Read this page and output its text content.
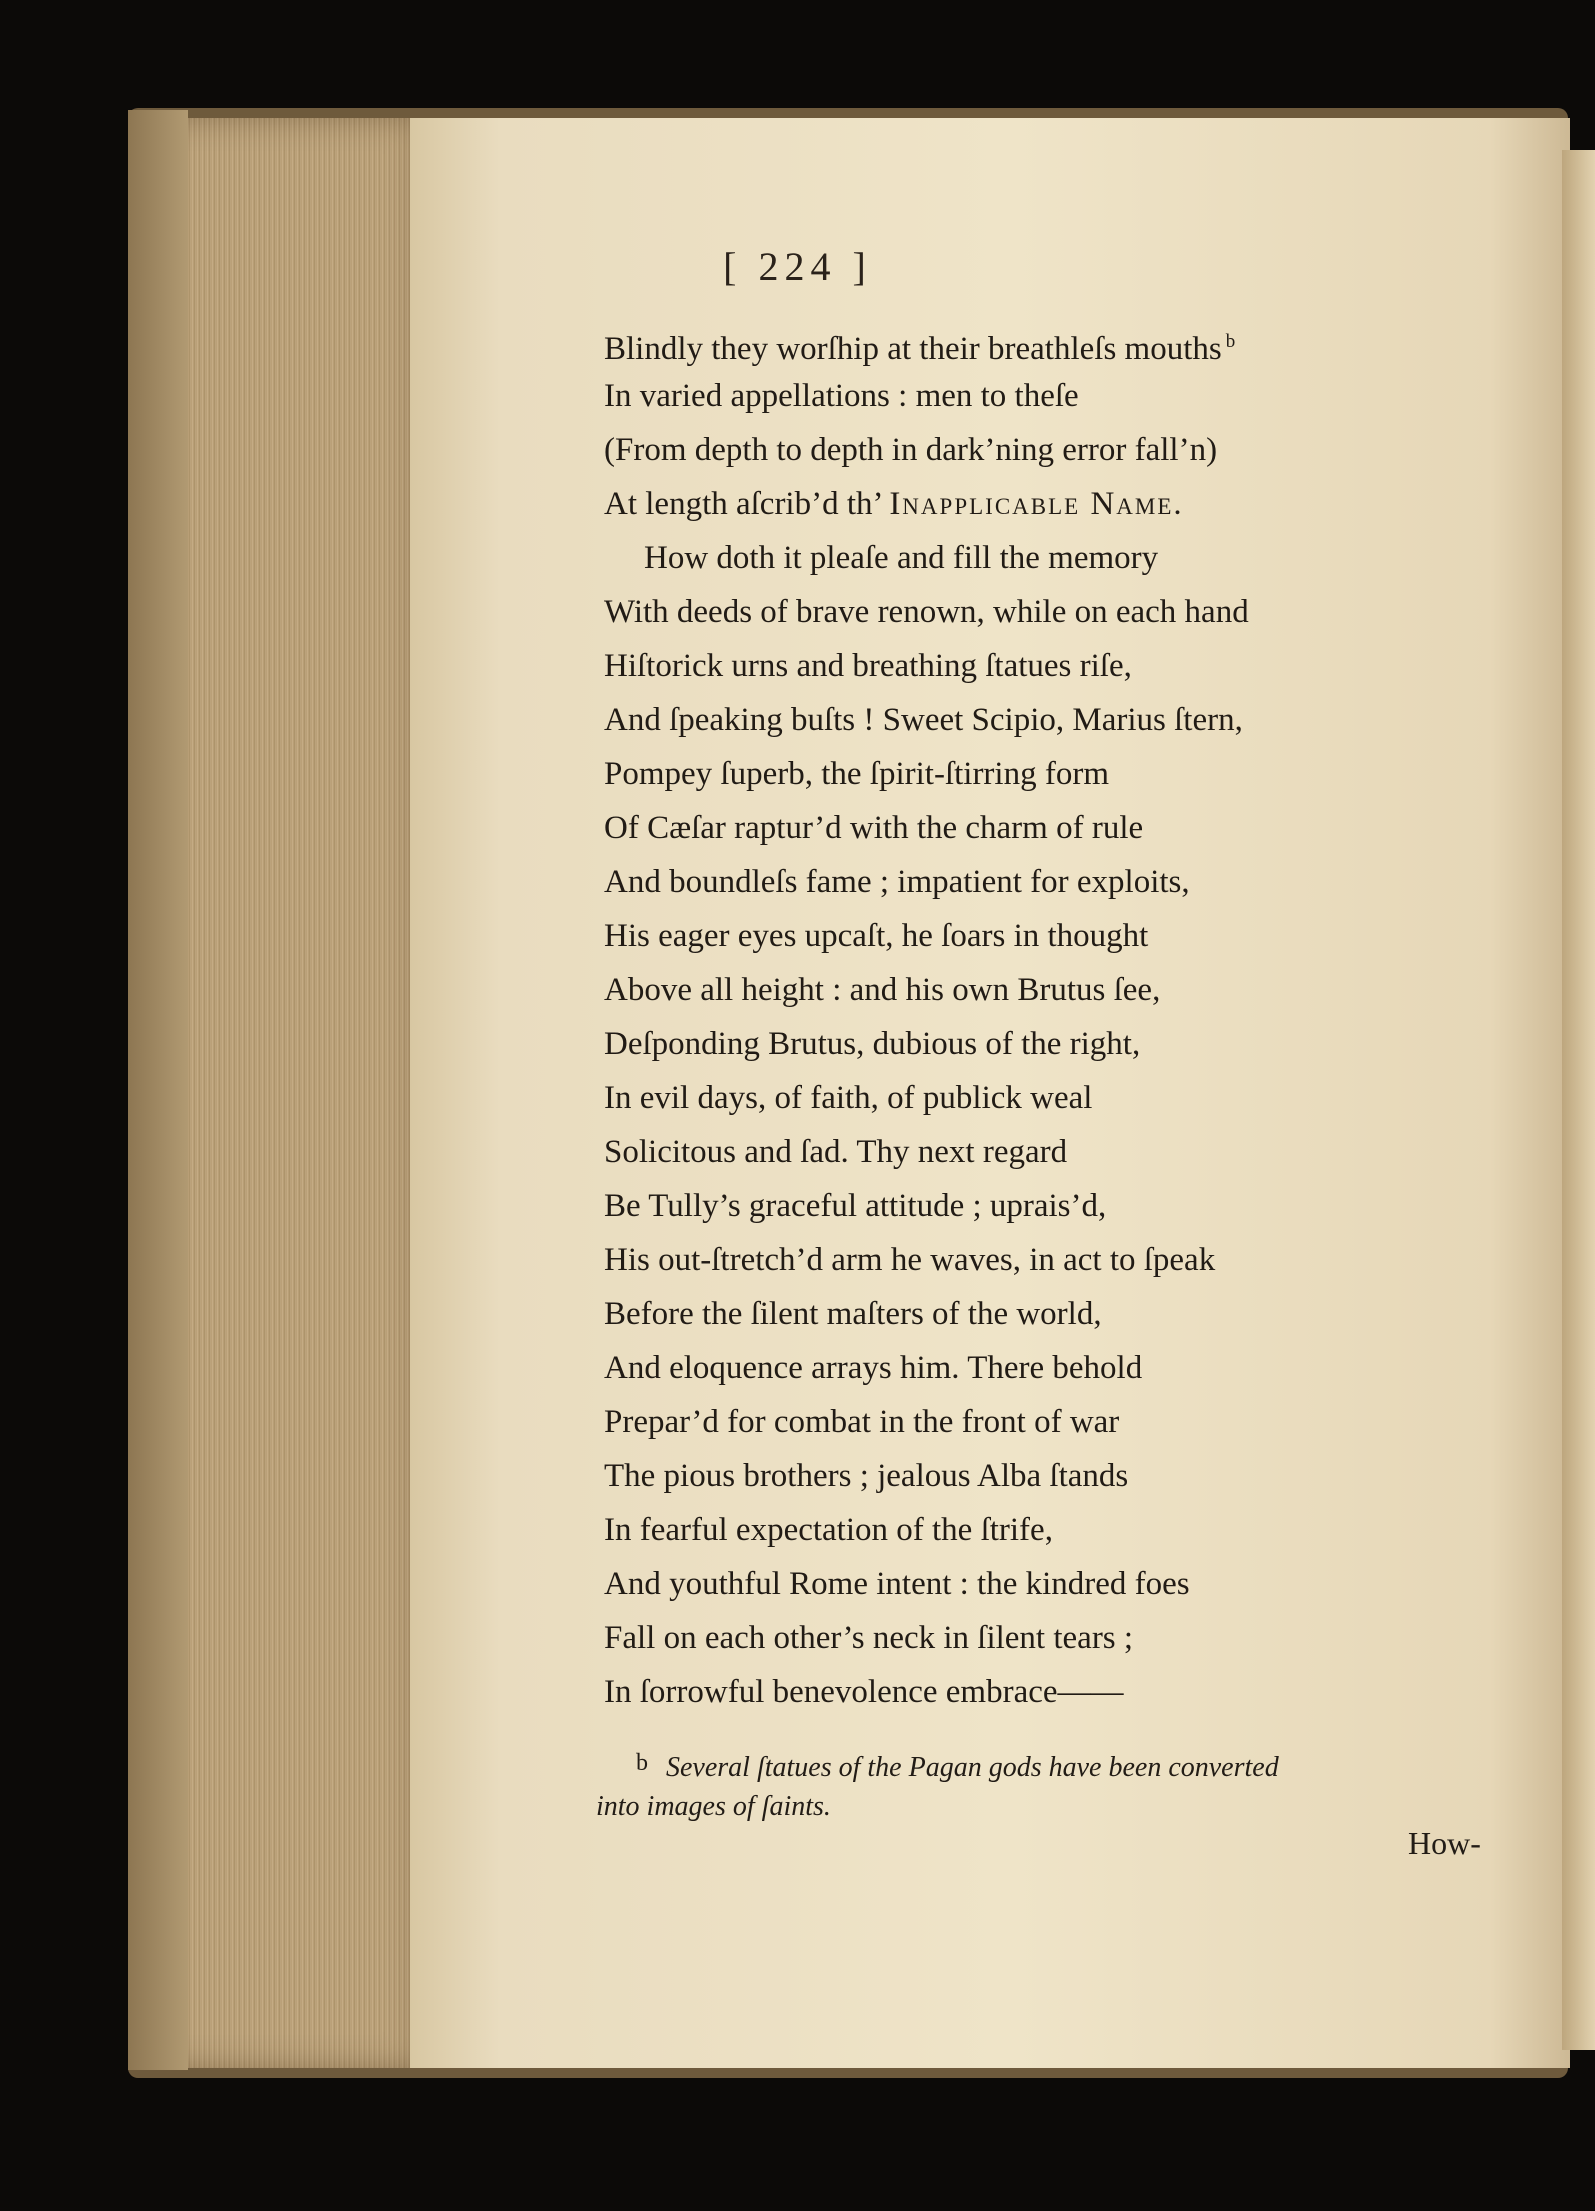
[ 224 ]
Blindly they worſhip at their breathleſs mouths $^b$
In varied appellations : men to theſe
(From depth to depth in dark’ning error fall’n)
At length aſcrib’d th’ Inapplicable Name.
How doth it pleaſe and fill the memory
With deeds of brave renown, while on each hand
Hiſtorick urns and breathing ſtatues riſe,
And ſpeaking buſts ! Sweet Scipio, Marius ſtern,
Pompey ſuperb, the ſpirit-ſtirring form
Of Cæſar raptur’d with the charm of rule
And boundleſs fame ; impatient for exploits,
His eager eyes upcaſt, he ſoars in thought
Above all height : and his own Brutus ſee,
Deſponding Brutus, dubious of the right,
In evil days, of faith, of publick weal
Solicitous and ſad. Thy next regard
Be Tully’s graceful attitude ; uprais’d,
His out-ſtretch’d arm he waves, in act to ſpeak
Before the ſilent maſters of the world,
And eloquence arrays him. There behold
Prepar’d for combat in the front of war
The pious brothers ; jealous Alba ſtands
In fearful expectation of the ſtrife,
And youthful Rome intent : the kindred foes
Fall on each other’s neck in ſilent tears ;
In ſorrowful benevolence embrace——
b Several ſtatues of the Pagan gods have been converted
into images of ſaints.
How-
